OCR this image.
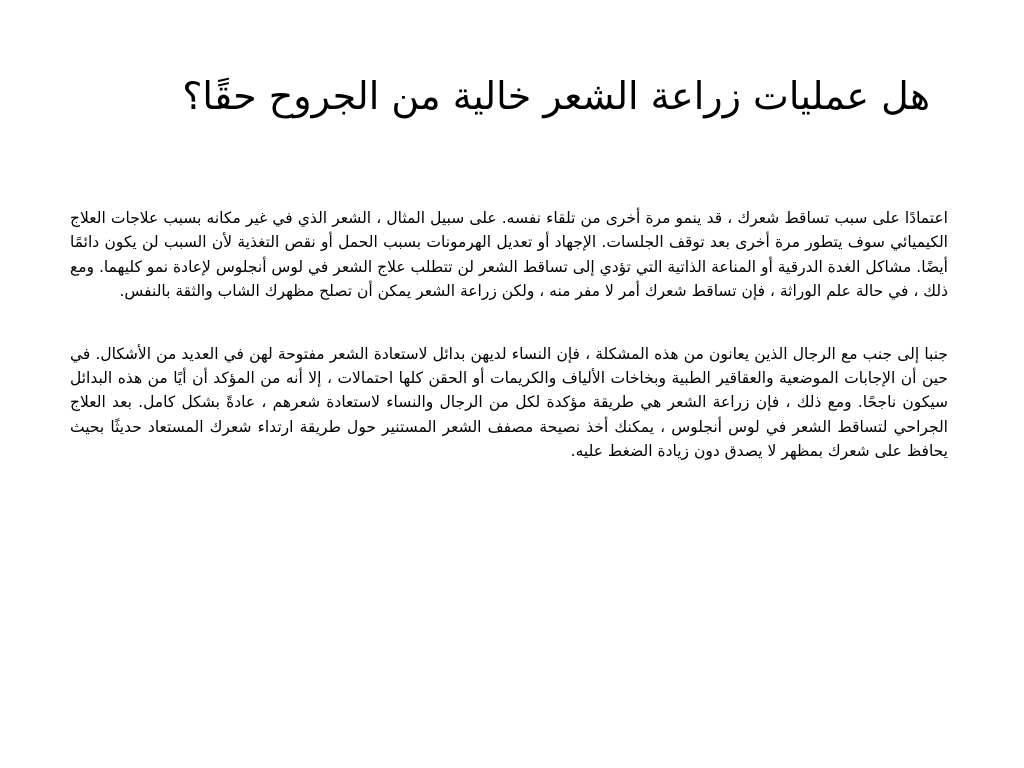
هل عمليات زراعة الشعر خالية من الجروح حقًا؟

اعتمادًا على سبب تساقط شعرك ، قد ينمو مرة أخرى من تلقاء نفسه. على سبيل المثال ، الشعر الذي في غير مكانه بسبب علاجات العلاج الكيميائي سوف يتطور مرة أخرى بعد توقف الجلسات. الإجهاد أو تعديل الهرمونات بسبب الحمل أو نقص التغذية لأن السبب لن يكون دائمًا أيضًا. مشاكل الغدة الدرقية أو المناعة الذاتية التي تؤدي إلى تساقط الشعر لن تتطلب علاج الشعر في لوس أنجلوس لإعادة نمو كليهما. ومع ذلك ، في حالة علم الوراثة ، فإن تساقط شعرك أمر لا مفر منه ، ولكن زراعة الشعر يمكن أن تصلح مظهرك الشاب والثقة بالنفس.

جنبا إلى جنب مع الرجال الذين يعانون من هذه المشكلة ، فإن النساء لديهن بدائل لاستعادة الشعر مفتوحة لهن في العديد من الأشكال. في حين أن الإجابات الموضعية والعقاقير الطبية وبخاخات الألياف والكريمات أو الحقن كلها احتمالات ، إلا أنه من المؤكد أن أيًا من هذه البدائل سيكون ناجحًا. ومع ذلك ، فإن زراعة الشعر هي طريقة مؤكدة لكل من الرجال والنساء لاستعادة شعرهم ، عادةً بشكل كامل. بعد العلاج الجراحي لتساقط الشعر في لوس أنجلوس ، يمكنك أخذ نصيحة مصفف الشعر المستنير حول طريقة ارتداء شعرك المستعاد حديثًا بحيث يحافظ على شعرك بمظهر لا يصدق دون زيادة الضغط عليه.
